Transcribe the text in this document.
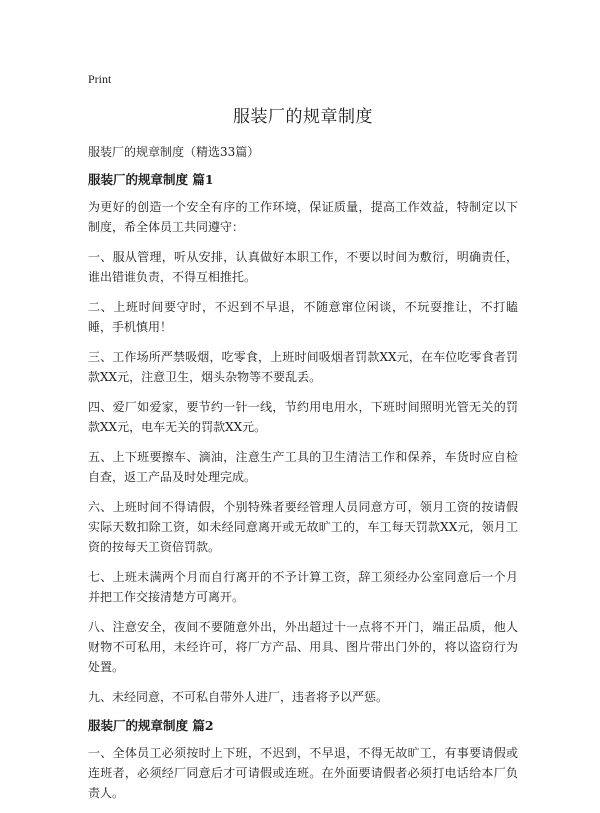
Print
服装厂的规章制度

服装厂的规章制度（精选33篇）

服装厂的规章制度 篇1

为更好的创造一个安全有序的工作环境，保证质量，提高工作效益，特制定以下制度，希全体员工共同遵守：

一、服从管理，听从安排，认真做好本职工作，不要以时间为敷衍，明确责任，谁出错谁负责，不得互相推托。

二、上班时间要守时，不迟到不早退，不随意窜位闲谈，不玩耍推让，不打瞌睡，手机慎用！

三、工作场所严禁吸烟，吃零食，上班时间吸烟者罚款XX元，在车位吃零食者罚款XX元，注意卫生，烟头杂物等不要乱丢。

四、爱厂如爱家，要节约一针一线，节约用电用水，下班时间照明光管无关的罚款XX元，电车无关的罚款XX元。

五、上下班要擦车、滴油，注意生产工具的卫生清洁工作和保养，车货时应自检自查，返工产品及时处理完成。

六、上班时间不得请假，个别特殊者要经管理人员同意方可，领月工资的按请假实际天数扣除工资，如未经同意离开或无故旷工的，车工每天罚款XX元，领月工资的按每天工资倍罚款。

七、上班未满两个月而自行离开的不予计算工资，辞工须经办公室同意后一个月并把工作交接清楚方可离开。

八、注意安全，夜间不要随意外出，外出超过十一点将不开门，端正品质，他人财物不可私用，未经许可，将厂方产品、用具、图片带出门外的，将以盗窃行为处置。

九、未经同意，不可私自带外人进厂，违者将予以严惩。

服装厂的规章制度 篇2

一、全体员工必须按时上下班，不迟到，不早退，不得无故旷工，有事要请假或连班者，必须经厂同意后才可请假或连班。在外面要请假者必须打电话给本厂负责人。
